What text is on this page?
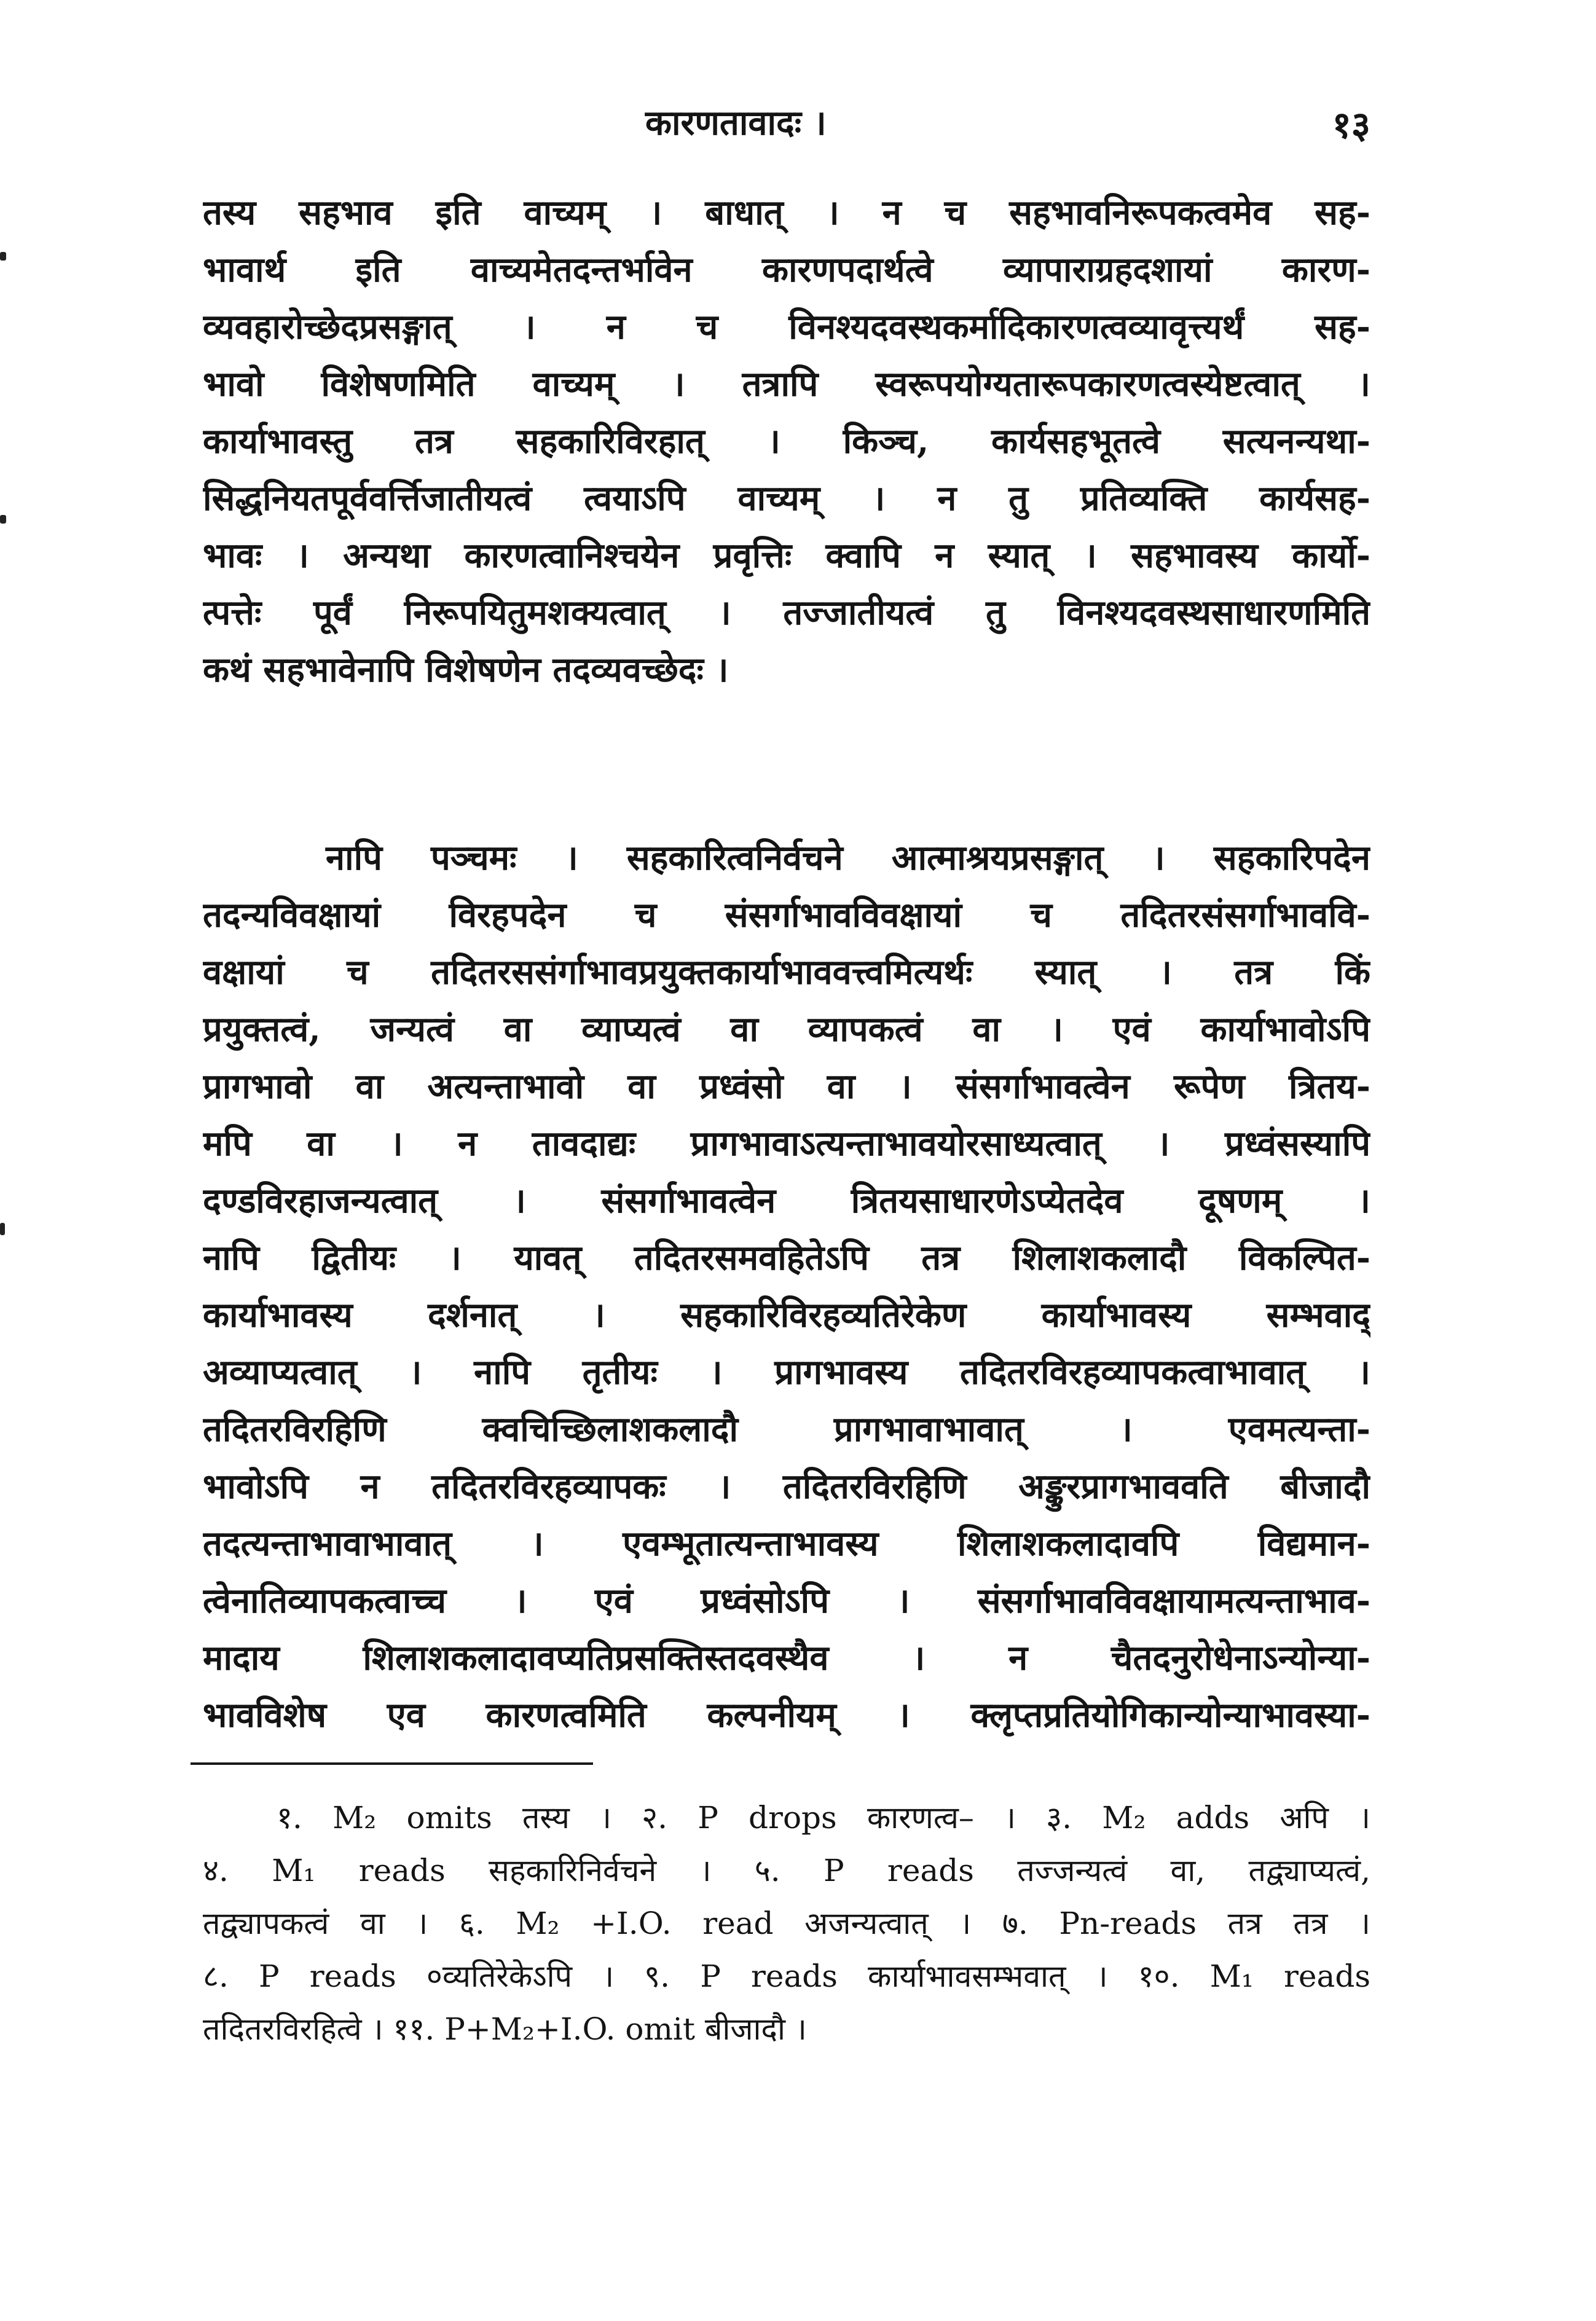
कारणतावादः ।	१३
तस्य सहभाव इति वाच्यम् । बाधात् । न च सहभावनिरूपकत्वमेव सह-
भावार्थ इति वाच्यमेतदन्तर्भावेन कारणपदार्थत्वे व्यापाराग्रहदशायां कारण-
व्यवहारोच्छेदप्रसङ्गात् । न च विनश्यदवस्थकर्मादिकारणत्वव्यावृत्त्यर्थं सह-
भावो विशेषणमिति वाच्यम् । तत्रापि स्वरूपयोग्यतारूपकारणत्वस्येष्टत्वात् ।
कार्याभावस्तु तत्र सहकारिविरहात् । किञ्च, कार्यसहभूतत्वे सत्यनन्यथा-
सिद्धनियतपूर्ववर्त्तिजातीयत्वं त्वयाऽपि वाच्यम् । न तु प्रतिव्यक्ति कार्यसह-
भावः । अन्यथा कारणत्वानिश्चयेन प्रवृत्तिः क्वापि न स्यात् । सहभावस्य कार्यो-
त्पत्तेः पूर्वं निरूपयितुमशक्यत्वात् । तज्जातीयत्वं तु विनश्यदवस्थसाधारणमिति
कथं सहभावेनापि विशेषणेन तदव्यवच्छेदः ।
नापि पञ्चमः । सहकारित्वनिर्वचने आत्माश्रयप्रसङ्गात् । सहकारिपदेन
तदन्यविवक्षायां विरहपदेन च संसर्गाभावविवक्षायां च तदितरसंसर्गाभाववि-
वक्षायां च तदितरससंर्गाभावप्रयुक्तकार्याभाववत्त्वमित्यर्थः स्यात् । तत्र किं
प्रयुक्तत्वं, जन्यत्वं वा व्याप्यत्वं वा व्यापकत्वं वा । एवं कार्याभावोऽपि
प्रागभावो वा अत्यन्ताभावो वा प्रध्वंसो वा । संसर्गाभावत्वेन रूपेण त्रितय-
मपि वा । न तावदाद्यः प्रागभावाऽत्यन्ताभावयोरसाध्यत्वात् । प्रध्वंसस्यापि
दण्डविरहाजन्यत्वात् । संसर्गाभावत्वेन त्रितयसाधारणेऽप्येतदेव दूषणम् ।
नापि द्वितीयः । यावत् तदितरसमवहितेऽपि तत्र शिलाशकलादौ विकल्पित-
कार्याभावस्य दर्शनात् । सहकारिविरहव्यतिरेकेण कार्याभावस्य सम्भवाद्
अव्याप्यत्वात् । नापि तृतीयः । प्रागभावस्य तदितरविरहव्यापकत्वाभावात् ।
तदितरविरहिणि क्वचिच्छिलाशकलादौ प्रागभावाभावात् । एवमत्यन्ता-
भावोऽपि न तदितरविरहव्यापकः । तदितरविरहिणि अङ्कुरप्रागभाववति बीजादौ
तदत्यन्ताभावाभावात् । एवम्भूतात्यन्ताभावस्य शिलाशकलादावपि विद्यमान-
त्वेनातिव्यापकत्वाच्च । एवं प्रध्वंसोऽपि । संसर्गाभावविवक्षायामत्यन्ताभाव-
मादाय शिलाशकलादावप्यतिप्रसक्तिस्तदवस्थैव । न चैतदनुरोधेनाऽन्योन्या-
भावविशेष एव कारणत्वमिति कल्पनीयम् । क्लृप्तप्रतियोगिकान्योन्याभावस्या-
१. M₂ omits तस्य । २. P drops कारणत्व– । ३. M₂ adds अपि ।
४. M₁ reads सहकारिनिर्वचने । ५. P reads तज्जन्यत्वं वा, तद्व्याप्यत्वं,
तद्व्यापकत्वं वा । ६. M₂ +I.O. read अजन्यत्वात् । ७. Pn-reads तत्र तत्र ।
८. P reads ०व्यतिरेकेऽपि । ९. P reads कार्याभावसम्भवात् । १०. M₁ reads
तदितरविरहित्वे । ११. P+M₂+I.O. omit बीजादौ ।
